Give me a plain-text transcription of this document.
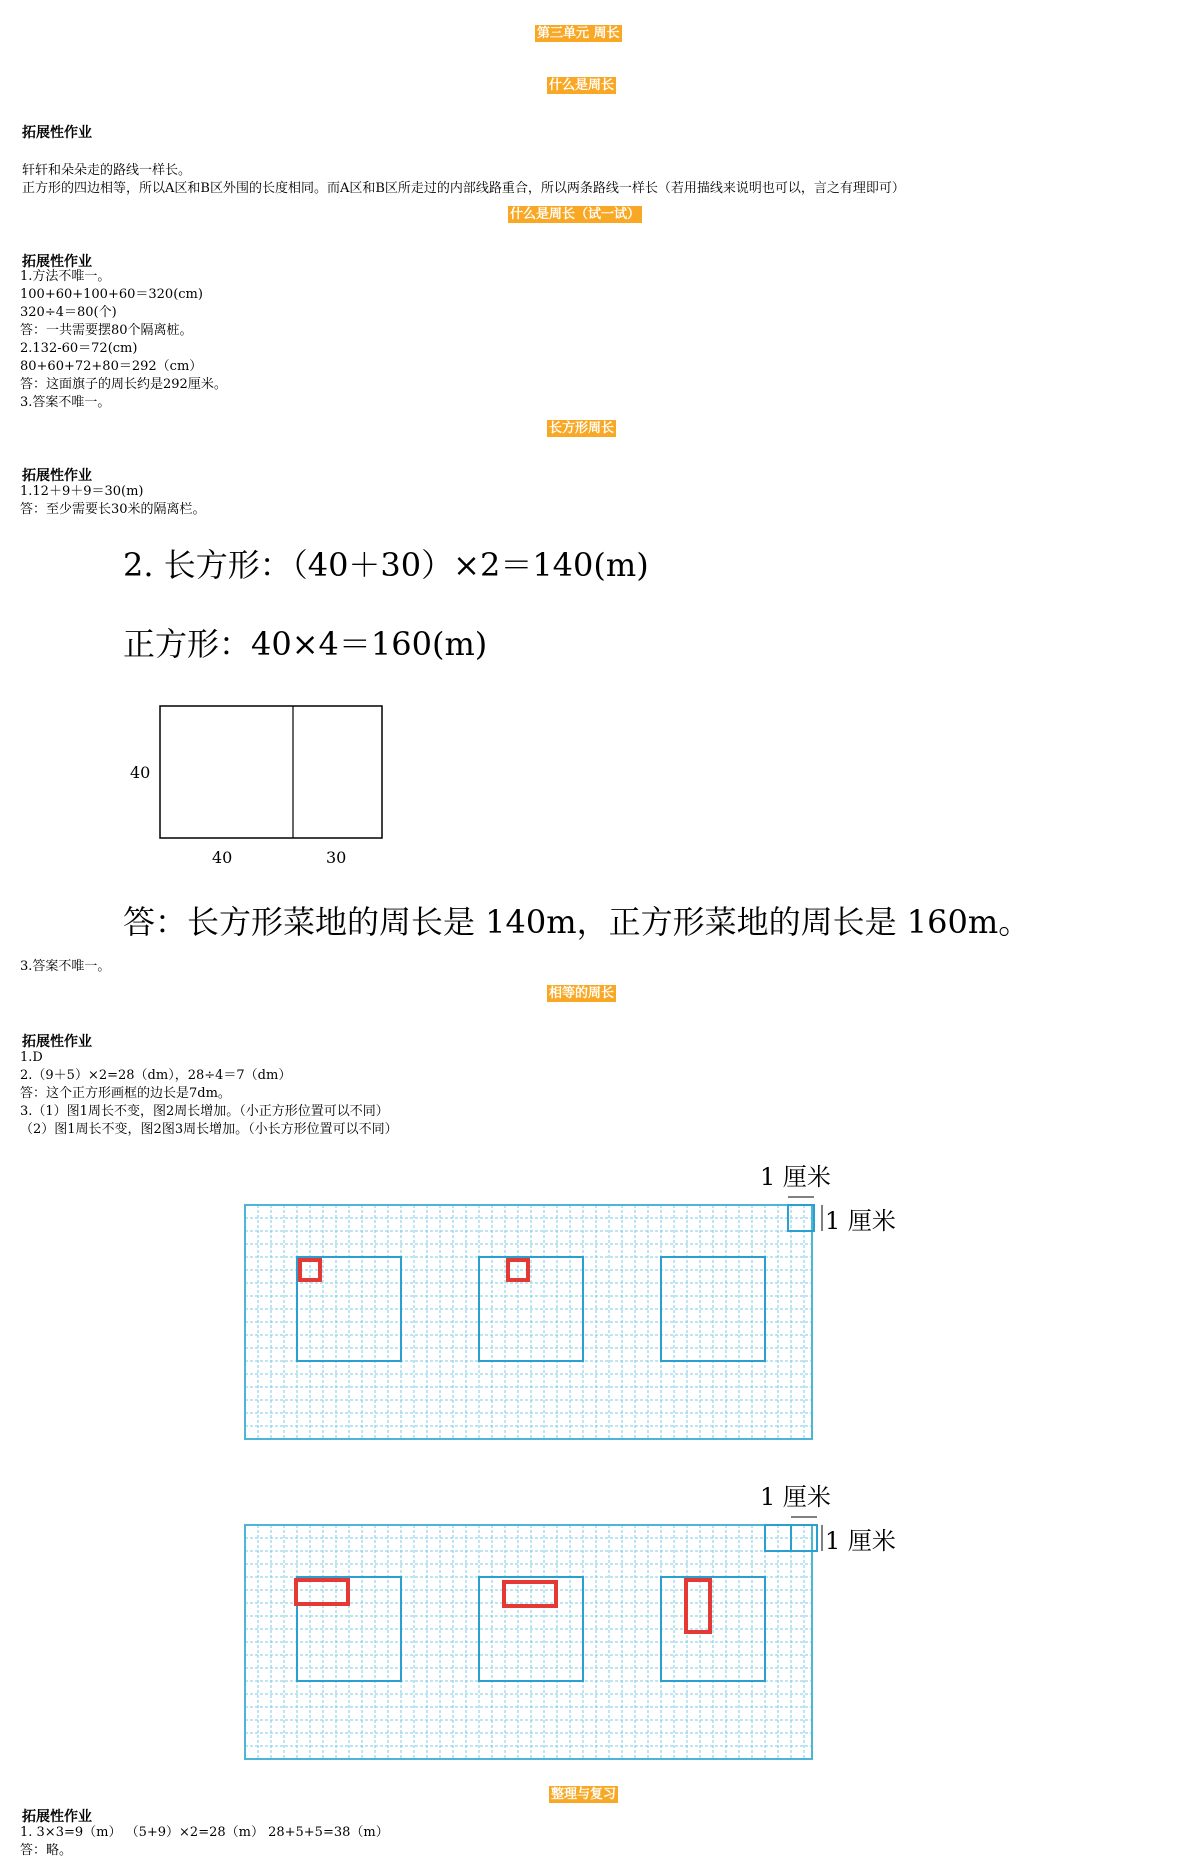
第三单元 周长
什么是周长
什么是周长（试一试）
长方形周长
相等的周长
整理与复习
拓展性作业
轩轩和朵朵走的路线一样长。
正方形的四边相等，所以A区和B区外围的长度相同。而A区和B区所走过的内部线路重合，所以两条路线一样长（若用描线来说明也可以，言之有理即可）
拓展性作业
1.方法不唯一。
100+60+100+60＝320(cm)
320÷4＝80(个)
答：一共需要摆80个隔离桩。
2.132-60＝72(cm)
80+60+72+80＝292（cm）
答：这面旗子的周长约是292厘米。
3.答案不唯一。
拓展性作业
1.12＋9＋9＝30(m)
答：至少需要长30米的隔离栏。
2. 长方形：（40＋30）×2＝140(m)
正方形：40×4＝160(m)
40
40	30
答：长方形菜地的周长是 140m，正方形菜地的周长是 160m。
3.答案不唯一。
拓展性作业
1.D
2.（9＋5）×2=28（dm），28÷4＝7（dm）
答：这个正方形画框的边长是7dm。
3.（1）图1周长不变，图2周长增加。（小正方形位置可以不同）
（2）图1周长不变，图2图3周长增加。（小长方形位置可以不同）
1 厘米
1 厘米
1 厘米
1 厘米
拓展性作业
1. 3×3=9（m） （5+9）×2=28（m） 28+5+5=38（m）
答：略。
